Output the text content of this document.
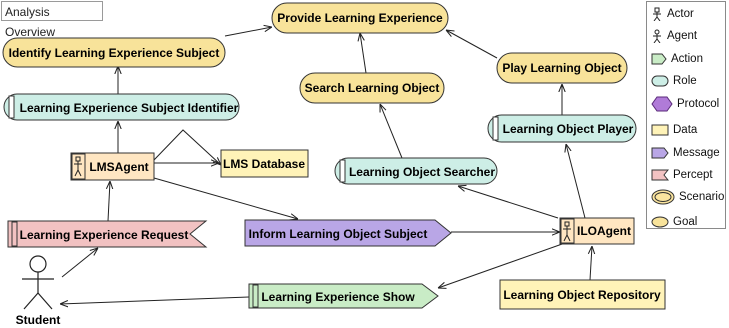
Provide Learning Experience
Identify Learning Experience Subject
Search Learning Object
Play Learning Object
Learning Experience Subject Identifier
Learning Object Searcher
Learning Object Player
LMSAgent
ILOAgent
LMS Database
Learning Object Repository
Learning Experience Request	Inform Learning Object Subject
Learning Experience Show
Student
Analysis Overview
Actor
Agent
Action
Role
Protocol
Data
Message
Percept
Scenario
Goal
